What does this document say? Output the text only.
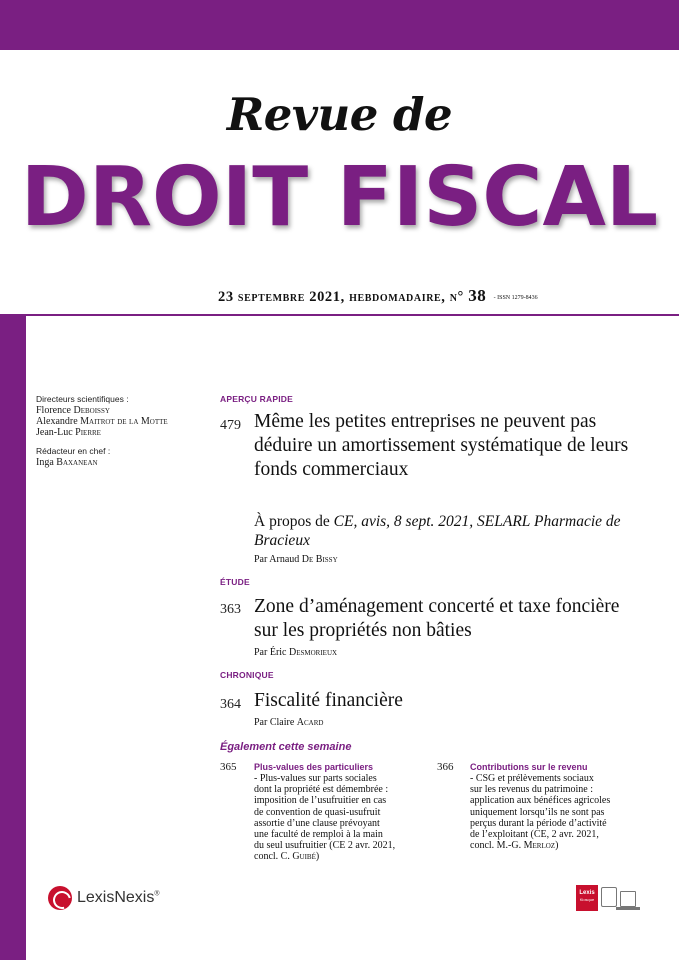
Revue de
DROIT FISCAL
23 septembre 2021, hebdomadaire, n° 38 - ISSN 1279-8436
Directeurs scientifiques :
Florence Deboissy
Alexandre Maitrot de la Motte
Jean-Luc Pierre
Rédacteur en chef :
Inga Baxanean
APERÇU RAPIDE
479 Même les petites entreprises ne peuvent pas déduire un amortissement systématique de leurs fonds commerciaux
À propos de CE, avis, 8 sept. 2021, SELARL Pharmacie de Bracieux
Par Arnaud De Bissy
ÉTUDE
363 Zone d’aménagement concerté et taxe foncière sur les propriétés non bâties
Par Éric Desmorieux
CHRONIQUE
364 Fiscalité financière
Par Claire Acard
Également cette semaine
365 Plus-values des particuliers

- Plus-values sur parts sociales

dont la propriété est démembrée :

imposition de l’usufruitier en cas

de convention de quasi-usufruit

assortie d’une clause prévoyant

une faculté de remploi à la main

du seul usufruitier (CE 2 avr. 2021,

concl. C. Guibé)

366 Contributions sur le revenu

- CSG et prélèvements sociaux

sur les revenus du patrimoine :

application aux bénéfices agricoles

uniquement lorsqu’ils ne sont pas

perçus durant la période d’activité

de l’exploitant (CE, 2 avr. 2021,

concl. M.-G. Merloz)

LexisNexis®	Lexis
Kiosque
